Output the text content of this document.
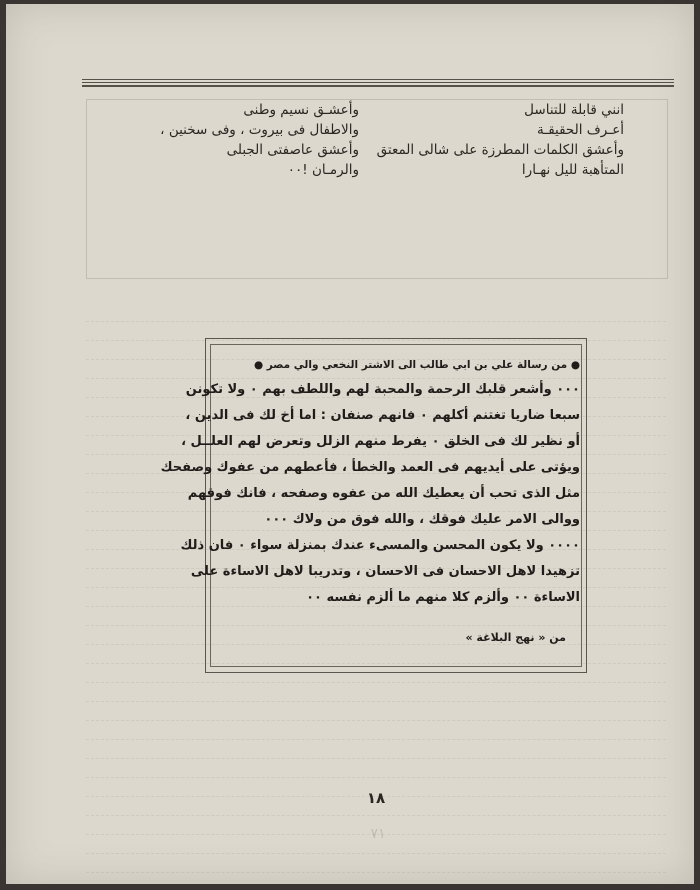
انني قابلة للتناسل
أعـرف الحقيقـة
وأعشق الكلمات المطرزة على شالى المعتق
المتأهبة لليل نهـارا
وأعشـق نسيم وطنى
والاطفال فى بيروت ، وفى سخنين ،
وأعشق عاصفتى الجبلى
والرمـان !٠٠
● من رسالة علي بن ابي طالب الى الاشتر النخعي والي مصر ●
٠٠٠ وأشعر قلبك الرحمة والمحبة لهم واللطف بهم ٠ ولا تكونن
سبعا ضاريا تغتنم أكلهم ٠ فانهم صنفان : اما أخ لك فى الدين ،
أو نظير لك فى الخلق ٠ يفرط منهم الزلل وتعرض لهم العلــل ،
ويؤتى على أيديهم فى العمد والخطأ ، فأعطهم من عفوك وصفحك
مثل الذى تحب أن يعطيك الله من عفوه وصفحه ، فانك فوقهم
ووالى الامر عليك فوقك ، والله فوق من ولاك ٠٠٠
٠٠٠٠ ولا يكون المحسن والمسىء عندك بمنزلة سواء ٠ فان ذلك
تزهيدا لاهل الاحسان فى الاحسان ، وتدريبا لاهل الاساءة على
الاساءة ٠٠ وألزم كلا منهم ما ألزم نفسه ٠٠
من « نهج البلاغة »
١٨
٧١
